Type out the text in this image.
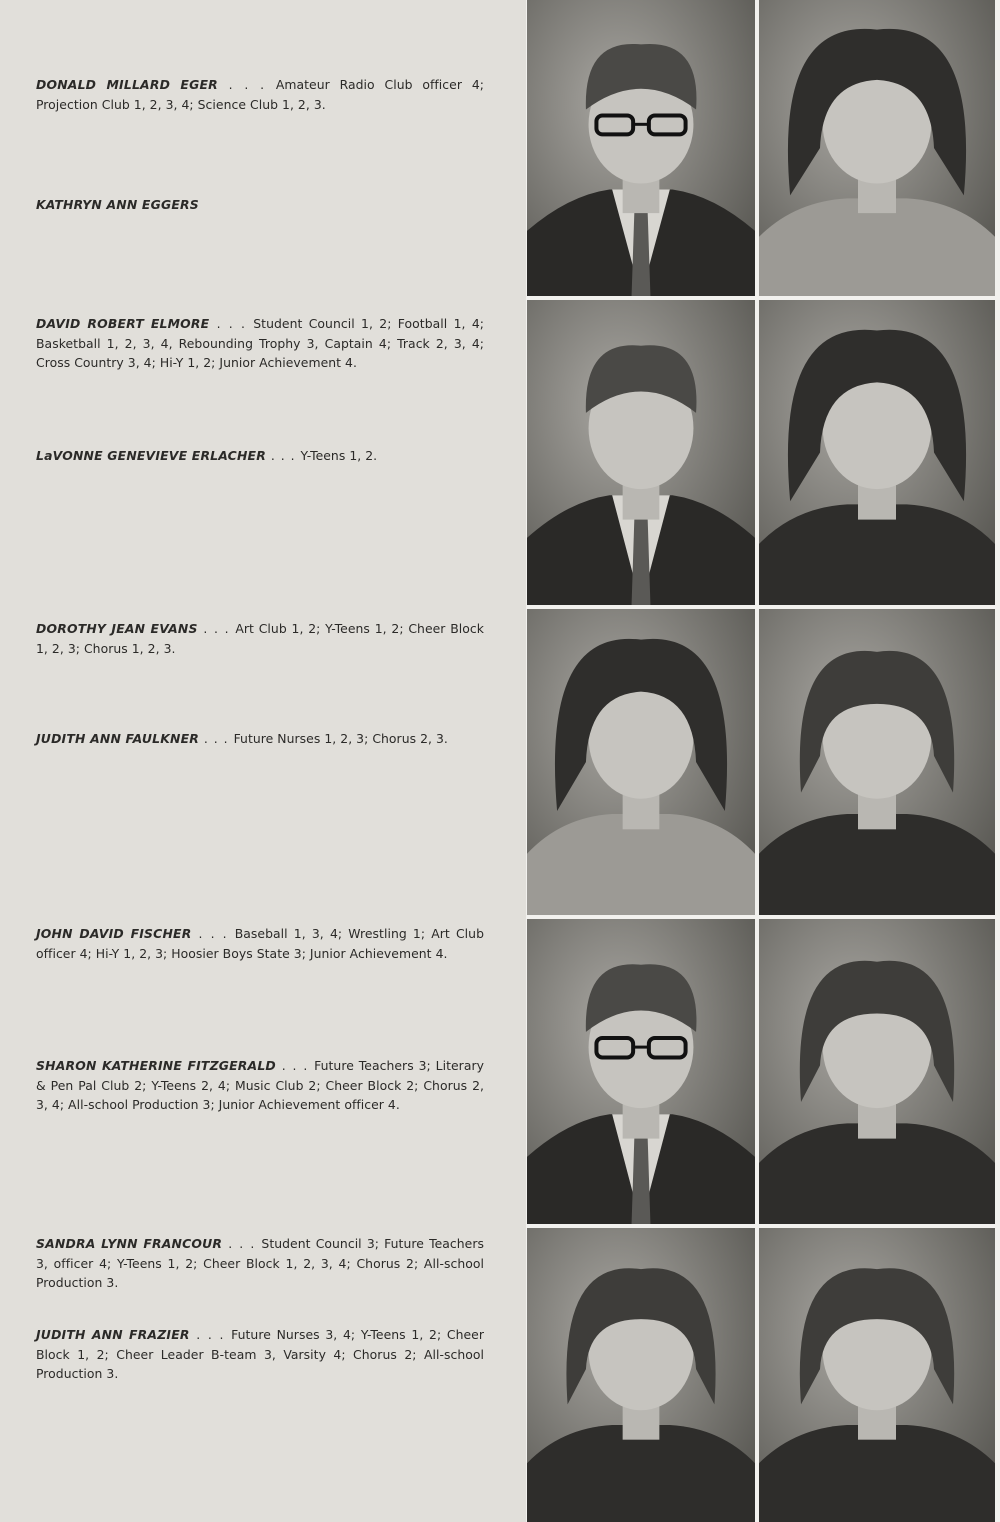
DONALD MILLARD EGER . . . Amateur Radio Club officer 4; Projection Club 1, 2, 3, 4; Science Club 1, 2, 3.
KATHRYN ANN EGGERS
DAVID ROBERT ELMORE . . . Student Council 1, 2; Football 1, 4; Basketball 1, 2, 3, 4, Rebounding Trophy 3, Captain 4; Track 2, 3, 4; Cross Country 3, 4; Hi-Y 1, 2; Junior Achievement 4.
LaVONNE GENEVIEVE ERLACHER . . . Y-Teens 1, 2.
DOROTHY JEAN EVANS . . . Art Club 1, 2; Y-Teens 1, 2; Cheer Block 1, 2, 3; Chorus 1, 2, 3.
JUDITH ANN FAULKNER . . . Future Nurses 1, 2, 3; Chorus 2, 3.
JOHN DAVID FISCHER . . . Baseball 1, 3, 4; Wrestling 1; Art Club officer 4; Hi-Y 1, 2, 3; Hoosier Boys State 3; Junior Achievement 4.
SHARON KATHERINE FITZGERALD . . . Future Teachers 3; Literary & Pen Pal Club 2; Y-Teens 2, 4; Music Club 2; Cheer Block 2; Chorus 2, 3, 4; All-school Production 3; Junior Achievement officer 4.
SANDRA LYNN FRANCOUR . . . Student Council 3; Future Teachers 3, officer 4; Y-Teens 1, 2; Cheer Block 1, 2, 3, 4; Chorus 2; All-school Production 3.
JUDITH ANN FRAZIER . . . Future Nurses 3, 4; Y-Teens 1, 2; Cheer Block 1, 2; Cheer Leader B-team 3, Varsity 4; Chorus 2; All-school Production 3.
